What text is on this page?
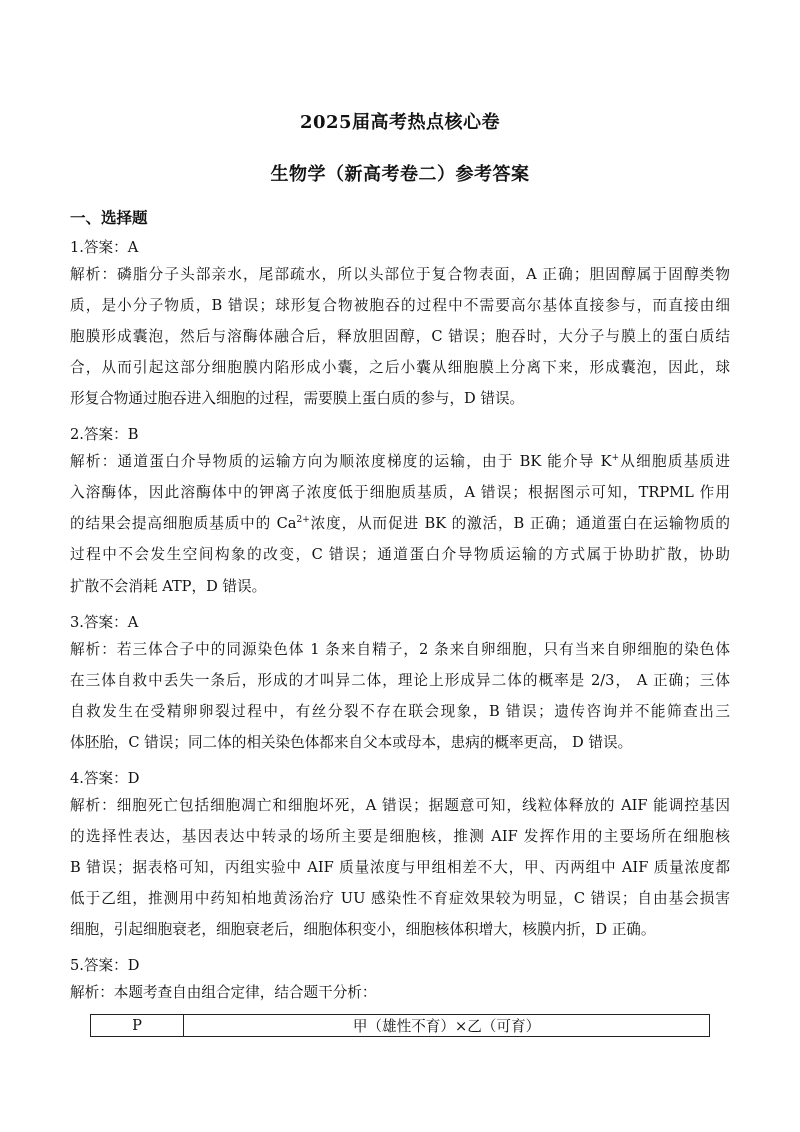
2025届高考热点核心卷
生物学（新高考卷二）参考答案
一、选择题
1.答案：A
解析：磷脂分子头部亲水，尾部疏水，所以头部位于复合物表面，A 正确；胆固醇属于固醇类物
质，是小分子物质，B 错误；球形复合物被胞吞的过程中不需要高尔基体直接参与，而直接由细
胞膜形成囊泡，然后与溶酶体融合后，释放胆固醇，C 错误；胞吞时，大分子与膜上的蛋白质结
合，从而引起这部分细胞膜内陷形成小囊，之后小囊从细胞膜上分离下来，形成囊泡，因此，球
形复合物通过胞吞进入细胞的过程，需要膜上蛋白质的参与，D 错误。
2.答案：B
解析：通道蛋白介导物质的运输方向为顺浓度梯度的运输，由于 BK 能介导 K+从细胞质基质进
入溶酶体，因此溶酶体中的钾离子浓度低于细胞质基质，A 错误；根据图示可知，TRPML 作用
的结果会提高细胞质基质中的 $Ca^{2+}$浓度，从而促进 BK 的激活，B 正确；通道蛋白在运输物质的
过程中不会发生空间构象的改变，C 错误；通道蛋白介导物质运输的方式属于协助扩散，协助
扩散不会消耗 ATP，D 错误。
3.答案：A
解析：若三体合子中的同源染色体 1 条来自精子，2 条来自卵细胞，只有当来自卵细胞的染色体
在三体自救中丢失一条后，形成的才叫异二体，理论上形成异二体的概率是 2/3， A 正确；三体
自救发生在受精卵卵裂过程中，有丝分裂不存在联会现象，B 错误；遗传咨询并不能筛查出三
体胚胎，C 错误；同二体的相关染色体都来自父本或母本，患病的概率更高， D 错误。
4.答案：D
解析：细胞死亡包括细胞凋亡和细胞坏死，A 错误；据题意可知，线粒体释放的 AIF 能调控基因
的选择性表达，基因表达中转录的场所主要是细胞核，推测 AIF 发挥作用的主要场所在细胞核
B 错误；据表格可知，丙组实验中 AIF 质量浓度与甲组相差不大，甲、丙两组中 AIF 质量浓度都
低于乙组，推测用中药知柏地黄汤治疗 UU 感染性不育症效果较为明显，C 错误；自由基会损害
细胞，引起细胞衰老，细胞衰老后，细胞体积变小，细胞核体积增大，核膜内折，D 正确。
5.答案：D
解析：本题考查自由组合定律，结合题干分析：
P	甲（雄性不育）×乙（可育）
